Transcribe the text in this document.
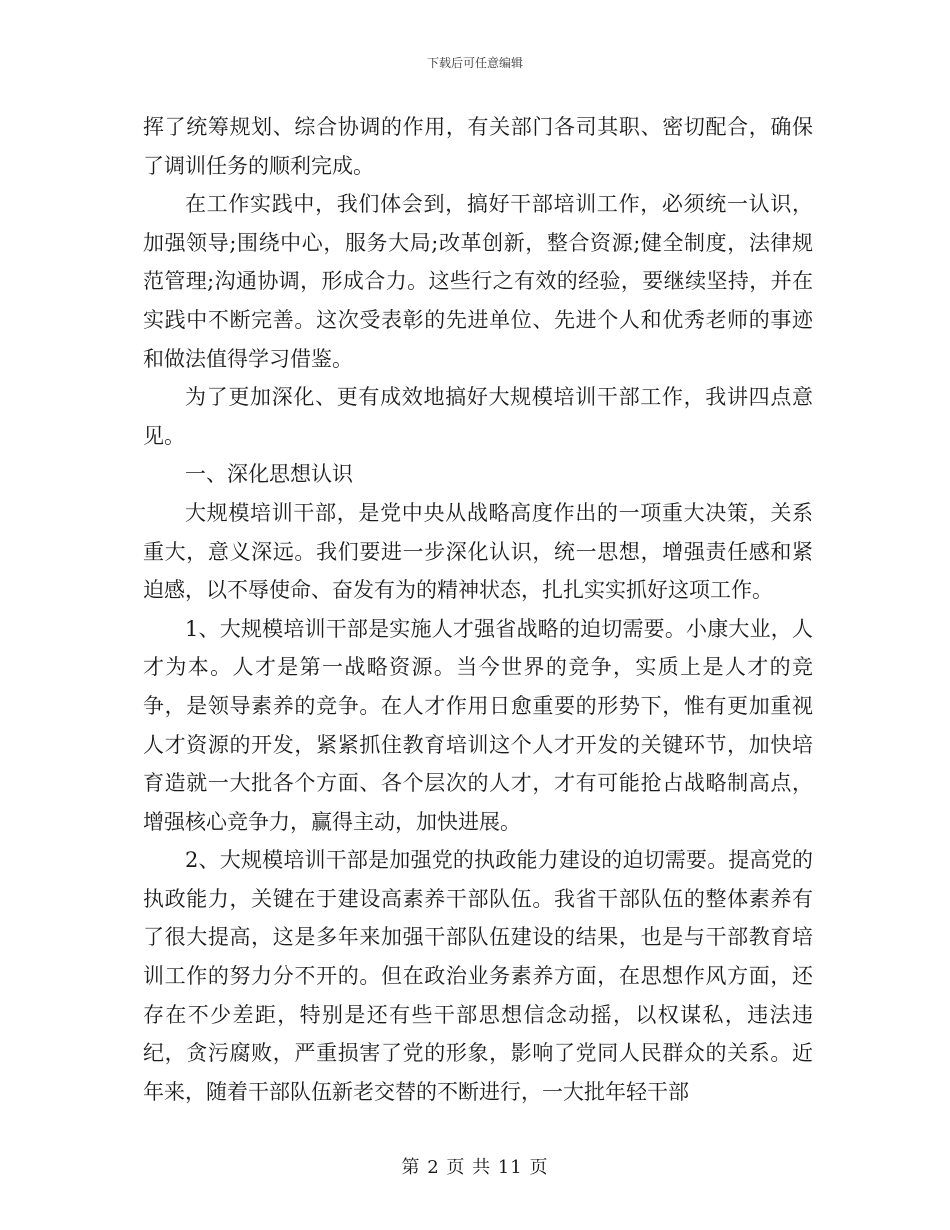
下载后可任意编辑

挥了统筹规划、综合协调的作用，有关部门各司其职、密切配合，确保了调训任务的顺利完成。

在工作实践中，我们体会到，搞好干部培训工作，必须统一认识，加强领导;围绕中心，服务大局;改革创新，整合资源;健全制度，法律规范管理;沟通协调，形成合力。这些行之有效的经验，要继续坚持，并在实践中不断完善。这次受表彰的先进单位、先进个人和优秀老师的事迹和做法值得学习借鉴。

为了更加深化、更有成效地搞好大规模培训干部工作，我讲四点意见。

一、深化思想认识

大规模培训干部，是党中央从战略高度作出的一项重大决策，关系重大，意义深远。我们要进一步深化认识，统一思想，增强责任感和紧迫感，以不辱使命、奋发有为的精神状态，扎扎实实抓好这项工作。

1、大规模培训干部是实施人才强省战略的迫切需要。小康大业，人才为本。人才是第一战略资源。当今世界的竞争，实质上是人才的竞争，是领导素养的竞争。在人才作用日愈重要的形势下，惟有更加重视人才资源的开发，紧紧抓住教育培训这个人才开发的关键环节，加快培育造就一大批各个方面、各个层次的人才，才有可能抢占战略制高点，增强核心竞争力，赢得主动，加快进展。

2、大规模培训干部是加强党的执政能力建设的迫切需要。提高党的执政能力，关键在于建设高素养干部队伍。我省干部队伍的整体素养有了很大提高，这是多年来加强干部队伍建设的结果，也是与干部教育培训工作的努力分不开的。但在政治业务素养方面，在思想作风方面，还存在不少差距，特别是还有些干部思想信念动摇，以权谋私，违法违纪，贪污腐败，严重损害了党的形象，影响了党同人民群众的关系。近年来，随着干部队伍新老交替的不断进行，一大批年轻干部

第 2 页 共 11 页
